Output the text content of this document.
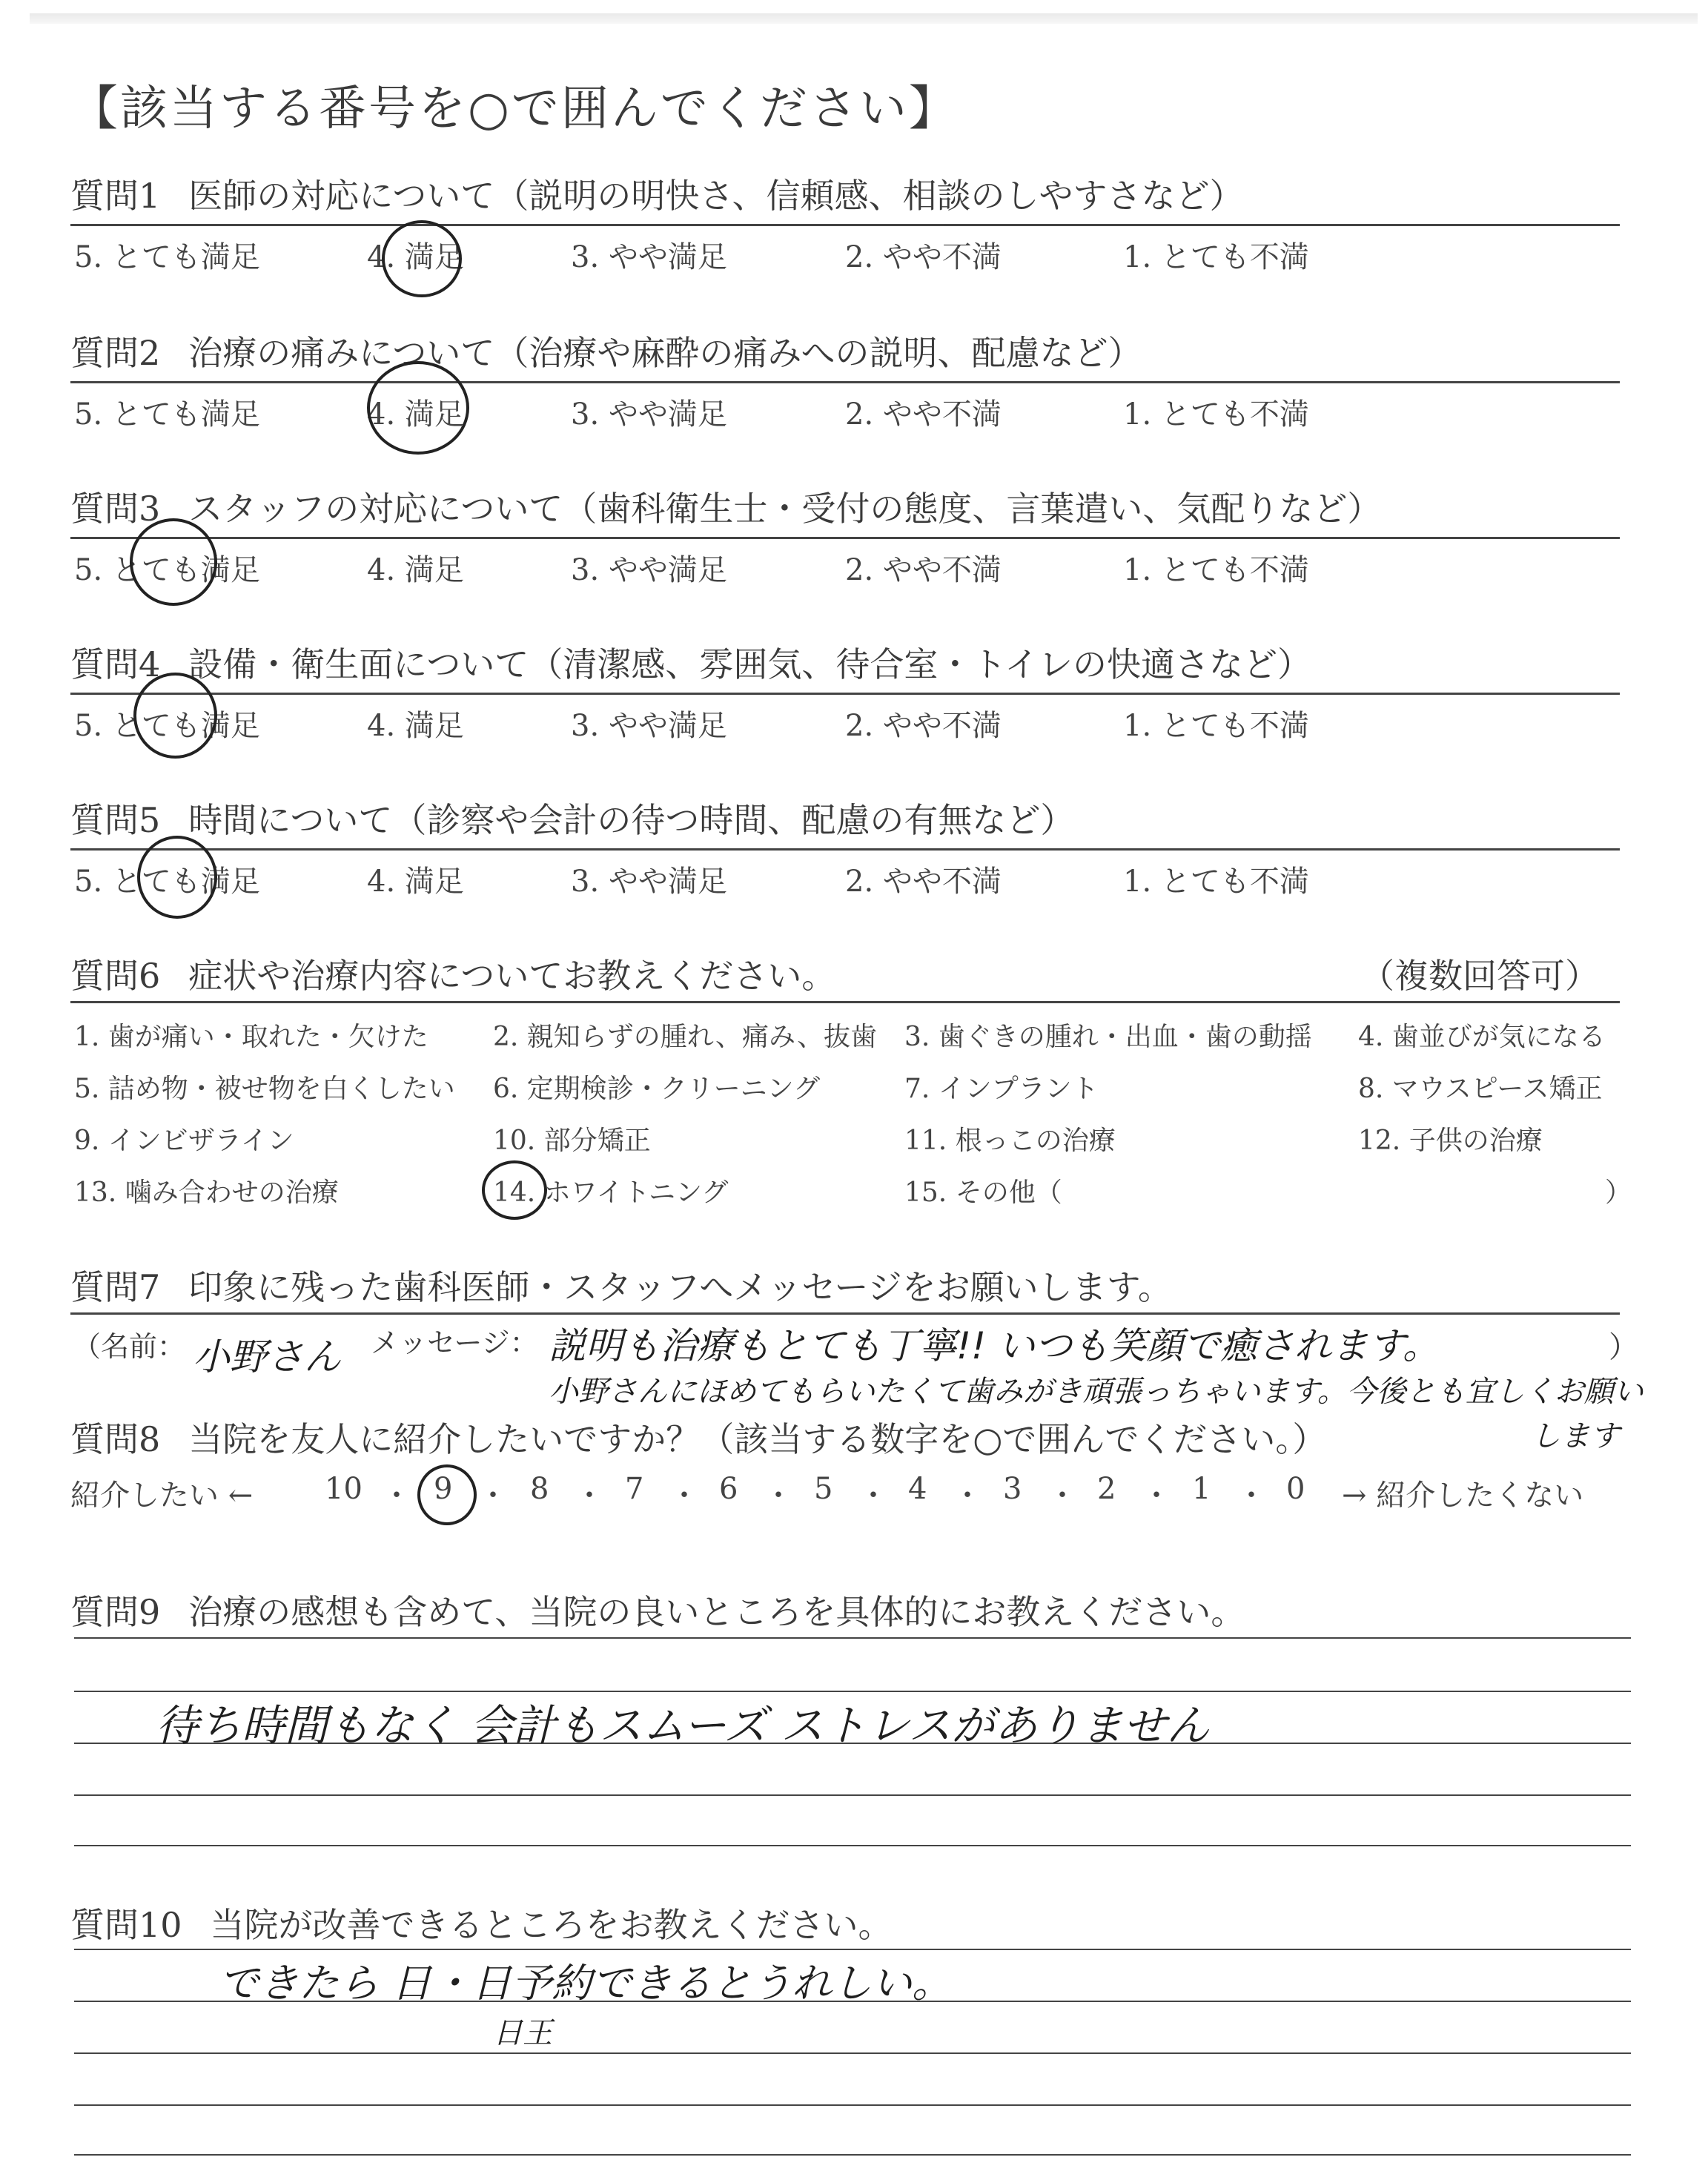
【該当する番号を○で囲んでください】
質問1 医師の対応について（説明の明快さ、信頼感、相談のしやすさなど）
5. とても満足	4. 満足	3. やや満足	2. やや不満	1. とても不満
質問2 治療の痛みについて（治療や麻酔の痛みへの説明、配慮など）
5. とても満足	4. 満足	3. やや満足	2. やや不満	1. とても不満
質問3 スタッフの対応について（歯科衛生士・受付の態度、言葉遣い、気配りなど）
5. とても満足	4. 満足	3. やや満足	2. やや不満	1. とても不満
質問4 設備・衛生面について（清潔感、雰囲気、待合室・トイレの快適さなど）
5. とても満足	4. 満足	3. やや満足	2. やや不満	1. とても不満
質問5 時間について（診察や会計の待つ時間、配慮の有無など）
5. とても満足	4. 満足	3. やや満足	2. やや不満	1. とても不満
質問6 症状や治療内容についてお教えください。	（複数回答可）
1. 歯が痛い・取れた・欠けた 2. 親知らずの腫れ、痛み、抜歯 3. 歯ぐきの腫れ・出血・歯の動揺 4. 歯並びが気になる
5. 詰め物・被せ物を白くしたい 6. 定期検診・クリーニング	7. インプラント	8. マウスピース矯正
9. インビザライン	10. 部分矯正	11. 根っこの治療	12. 子供の治療
13. 噛み合わせの治療	14. ホワイトニング	15. その他（	）
質問7 印象に残った歯科医師・スタッフへメッセージをお願いします。
（名前： 小野さん メッセージ： 説明も治療もとても丁寧!! いつも笑顔で癒されます。
小野さんにほめてもらいたくて歯みがき頑張っちゃいます。今後とも宜しくお願い
）
します
質問8 当院を友人に紹介したいですか？（該当する数字を○で囲んでください。）
紹介したい ← 10 ・ 9 ・ 8 ・ 7 ・ 6 ・ 5 ・ 4 ・ 3 ・ 2 ・ 1 ・ 0 → 紹介したくない
質問9 治療の感想も含めて、当院の良いところを具体的にお教えください。
待ち時間もなく 会計もスムーズ ストレスがありません
質問10 当院が改善できるところをお教えください。
できたら 日・日予約できるとうれしい。
日王
